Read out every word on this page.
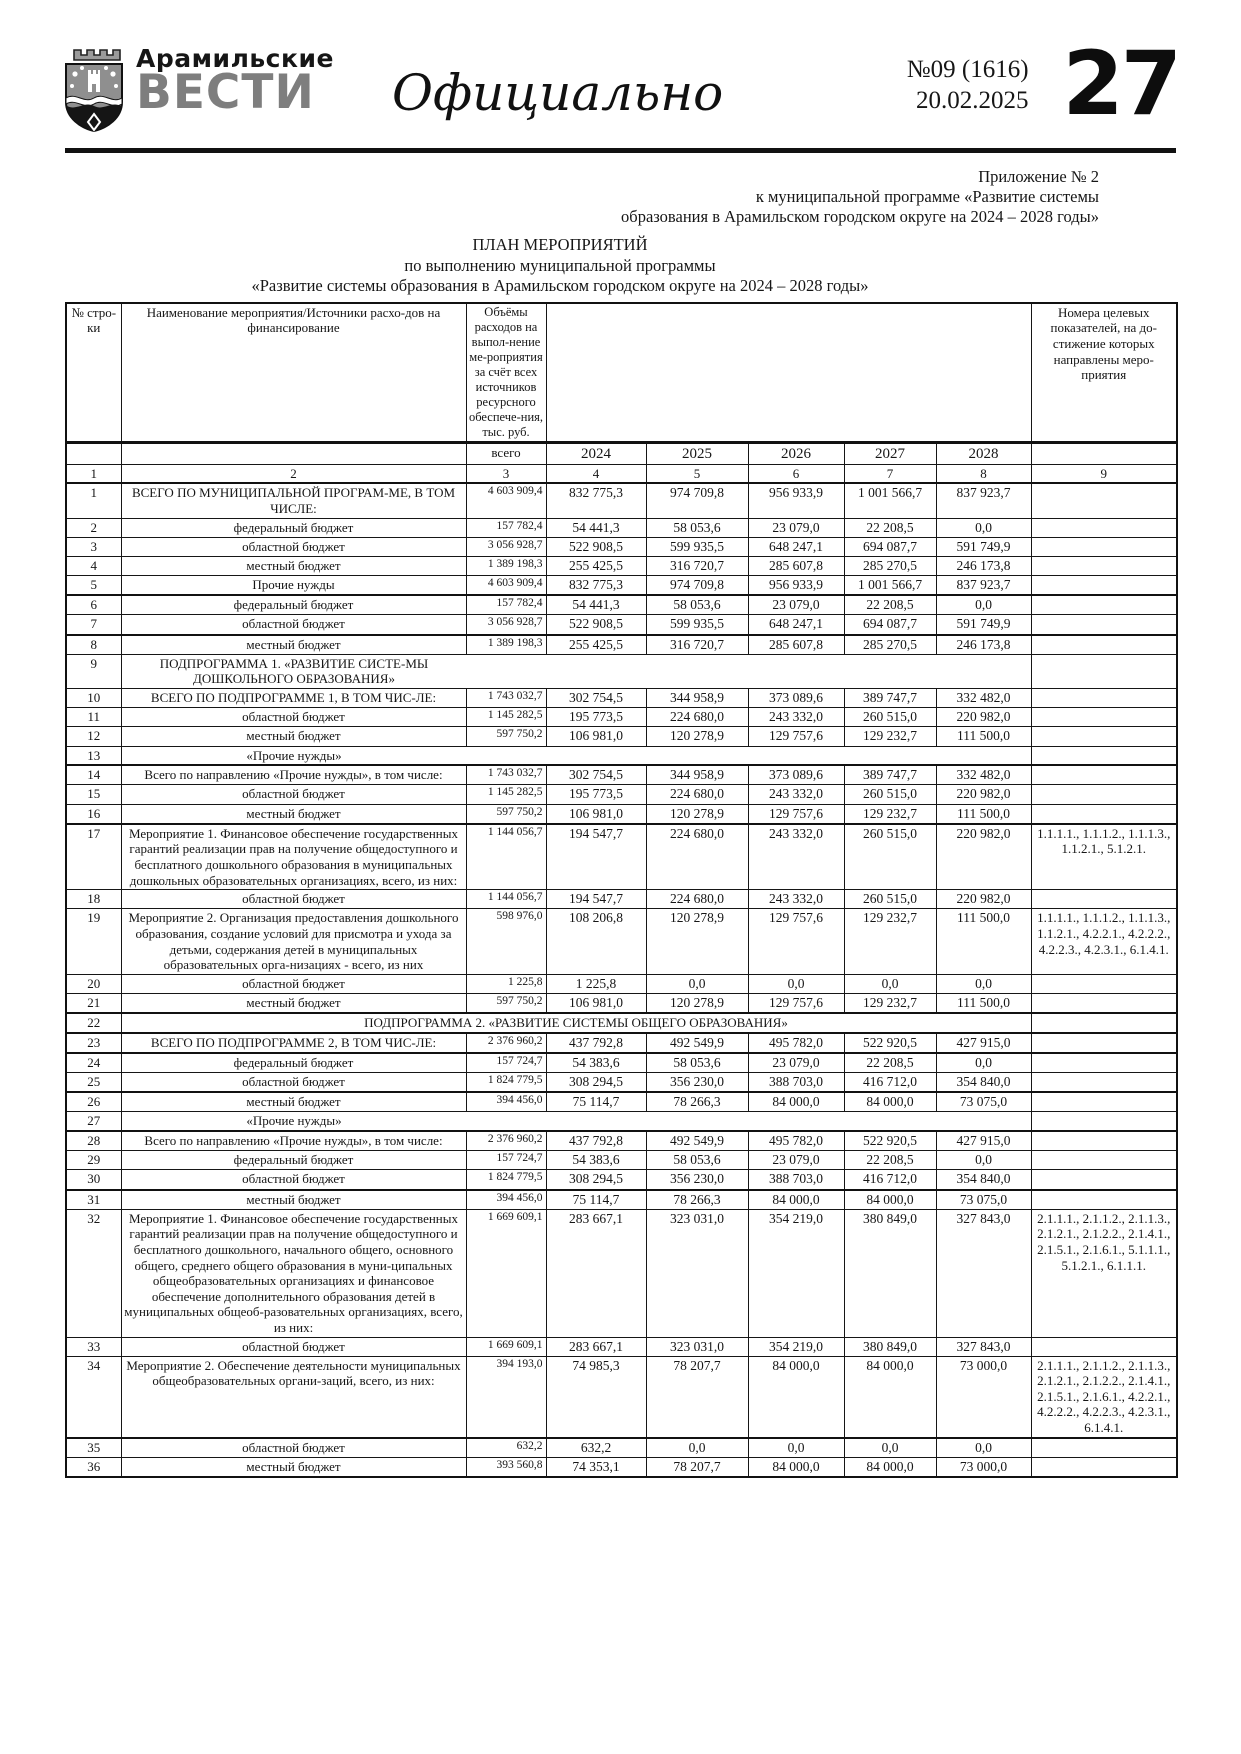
Арамильские
ВЕСТИ	Официально	№09 (1616)
20.02.2025 27
Приложение № 2
к муниципальной программе «Развитие системы
образования в Арамильском городском округе на 2024 – 2028 годы»
ПЛАН МЕРОПРИЯТИЙ
по выполнению муниципальной программы
«Развитие системы образования в Арамильском городском округе на 2024 – 2028 годы»
№ стро-ки	Наименование мероприятия/Источники расхо-дов на финансирование	Объёмы расходов на выпол-нение ме-роприятия за счёт всех источников ресурсного обеспече-ния, тыс. руб.						Номера целевых показателей, на до-стижение которых направлены меро-приятия
		всего	2024	2025	2026	2027	2028	
1	2	3	4	5	6	7	8	9
1	ВСЕГО ПО МУНИЦИПАЛЬНОЙ ПРОГРАМ-МЕ, В ТОМ ЧИСЛЕ:	4 603 909,4	832 775,3	974 709,8	956 933,9	1 001 566,7	837 923,7	
2	федеральный бюджет	157 782,4	54 441,3	58 053,6	23 079,0	22 208,5	0,0	
3	областной бюджет	3 056 928,7	522 908,5	599 935,5	648 247,1	694 087,7	591 749,9	
4	местный бюджет	1 389 198,3	255 425,5	316 720,7	285 607,8	285 270,5	246 173,8	
5	Прочие нужды	4 603 909,4	832 775,3	974 709,8	956 933,9	1 001 566,7	837 923,7	
6	федеральный бюджет	157 782,4	54 441,3	58 053,6	23 079,0	22 208,5	0,0	
7	областной бюджет	3 056 928,7	522 908,5	599 935,5	648 247,1	694 087,7	591 749,9	
8	местный бюджет	1 389 198,3	255 425,5	316 720,7	285 607,8	285 270,5	246 173,8	
9	ПОДПРОГРАММА 1. «РАЗВИТИЕ СИСТЕ-МЫ ДОШКОЛЬНОГО ОБРАЗОВАНИЯ»							

10	ВСЕГО ПО ПОДПРОГРАММЕ 1, В ТОМ ЧИС-ЛЕ:	1 743 032,7	302 754,5	344 958,9	373 089,6	389 747,7	332 482,0	
11	областной бюджет	1 145 282,5	195 773,5	224 680,0	243 332,0	260 515,0	220 982,0	
12	местный бюджет	597 750,2	106 981,0	120 278,9	129 757,6	129 232,7	111 500,0	
13	«Прочие нужды»							

14	Всего по направлению «Прочие нужды», в том числе:	1 743 032,7	302 754,5	344 958,9	373 089,6	389 747,7	332 482,0	
15	областной бюджет	1 145 282,5	195 773,5	224 680,0	243 332,0	260 515,0	220 982,0	
16	местный бюджет	597 750,2	106 981,0	120 278,9	129 757,6	129 232,7	111 500,0	
17	Мероприятие 1. Финансовое обеспечение государственных гарантий реализации прав на получение общедоступного и бесплатного дошкольного образования в муниципальных дошкольных образовательных организациях, всего, из них:	1 144 056,7	194 547,7	224 680,0	243 332,0	260 515,0	220 982,0	1.1.1.1., 1.1.1.2., 1.1.1.3., 1.1.2.1., 5.1.2.1.
18	областной бюджет	1 144 056,7	194 547,7	224 680,0	243 332,0	260 515,0	220 982,0	
19	Мероприятие 2. Организация предоставления дошкольного образования, создание условий для присмотра и ухода за детьми, содержания детей в муниципальных образовательных орга-низациях - всего, из них	598 976,0	108 206,8	120 278,9	129 757,6	129 232,7	111 500,0	1.1.1.1., 1.1.1.2., 1.1.1.3., 1.1.2.1., 4.2.2.1., 4.2.2.2., 4.2.2.3., 4.2.3.1., 6.1.4.1.
20	областной бюджет	1 225,8	1 225,8	0,0	0,0	0,0	0,0	
21	местный бюджет	597 750,2	106 981,0	120 278,9	129 757,6	129 232,7	111 500,0	
22	ПОДПРОГРАММА 2. «РАЗВИТИЕ СИСТЕМЫ ОБЩЕГО ОБРАЗОВАНИЯ»							
23	ВСЕГО ПО ПОДПРОГРАММЕ 2, В ТОМ ЧИС-ЛЕ:	2 376 960,2	437 792,8	492 549,9	495 782,0	522 920,5	427 915,0	
24	федеральный бюджет	157 724,7	54 383,6	58 053,6	23 079,0	22 208,5	0,0	
25	областной бюджет	1 824 779,5	308 294,5	356 230,0	388 703,0	416 712,0	354 840,0	
26	местный бюджет	394 456,0	75 114,7	78 266,3	84 000,0	84 000,0	73 075,0	
27	«Прочие нужды»							

28	Всего по направлению «Прочие нужды», в том числе:	2 376 960,2	437 792,8	492 549,9	495 782,0	522 920,5	427 915,0	
29	федеральный бюджет	157 724,7	54 383,6	58 053,6	23 079,0	22 208,5	0,0	
30	областной бюджет	1 824 779,5	308 294,5	356 230,0	388 703,0	416 712,0	354 840,0	
31	местный бюджет	394 456,0	75 114,7	78 266,3	84 000,0	84 000,0	73 075,0	
32	Мероприятие 1. Финансовое обеспечение государственных гарантий реализации прав на получение общедоступного и бесплатного дошкольного, начального общего, основного общего, среднего общего образования в муни-ципальных общеобразовательных организациях и финансовое обеспечение дополнительного образования детей в муниципальных общеоб-разовательных организациях, всего, из них:	1 669 609,1	283 667,1	323 031,0	354 219,0	380 849,0	327 843,0	2.1.1.1., 2.1.1.2., 2.1.1.3., 2.1.2.1., 2.1.2.2., 2.1.4.1., 2.1.5.1., 2.1.6.1., 5.1.1.1., 5.1.2.1., 6.1.1.1.
33	областной бюджет	1 669 609,1	283 667,1	323 031,0	354 219,0	380 849,0	327 843,0	
34	Мероприятие 2. Обеспечение деятельности муниципальных общеобразовательных органи-заций, всего, из них:	394 193,0	74 985,3	78 207,7	84 000,0	84 000,0	73 000,0	2.1.1.1., 2.1.1.2., 2.1.1.3., 2.1.2.1., 2.1.2.2., 2.1.4.1., 2.1.5.1., 2.1.6.1., 4.2.2.1., 4.2.2.2., 4.2.2.3., 4.2.3.1., 6.1.4.1.
35	областной бюджет	632,2	632,2	0,0	0,0	0,0	0,0	
36	местный бюджет	393 560,8	74 353,1	78 207,7	84 000,0	84 000,0	73 000,0	
